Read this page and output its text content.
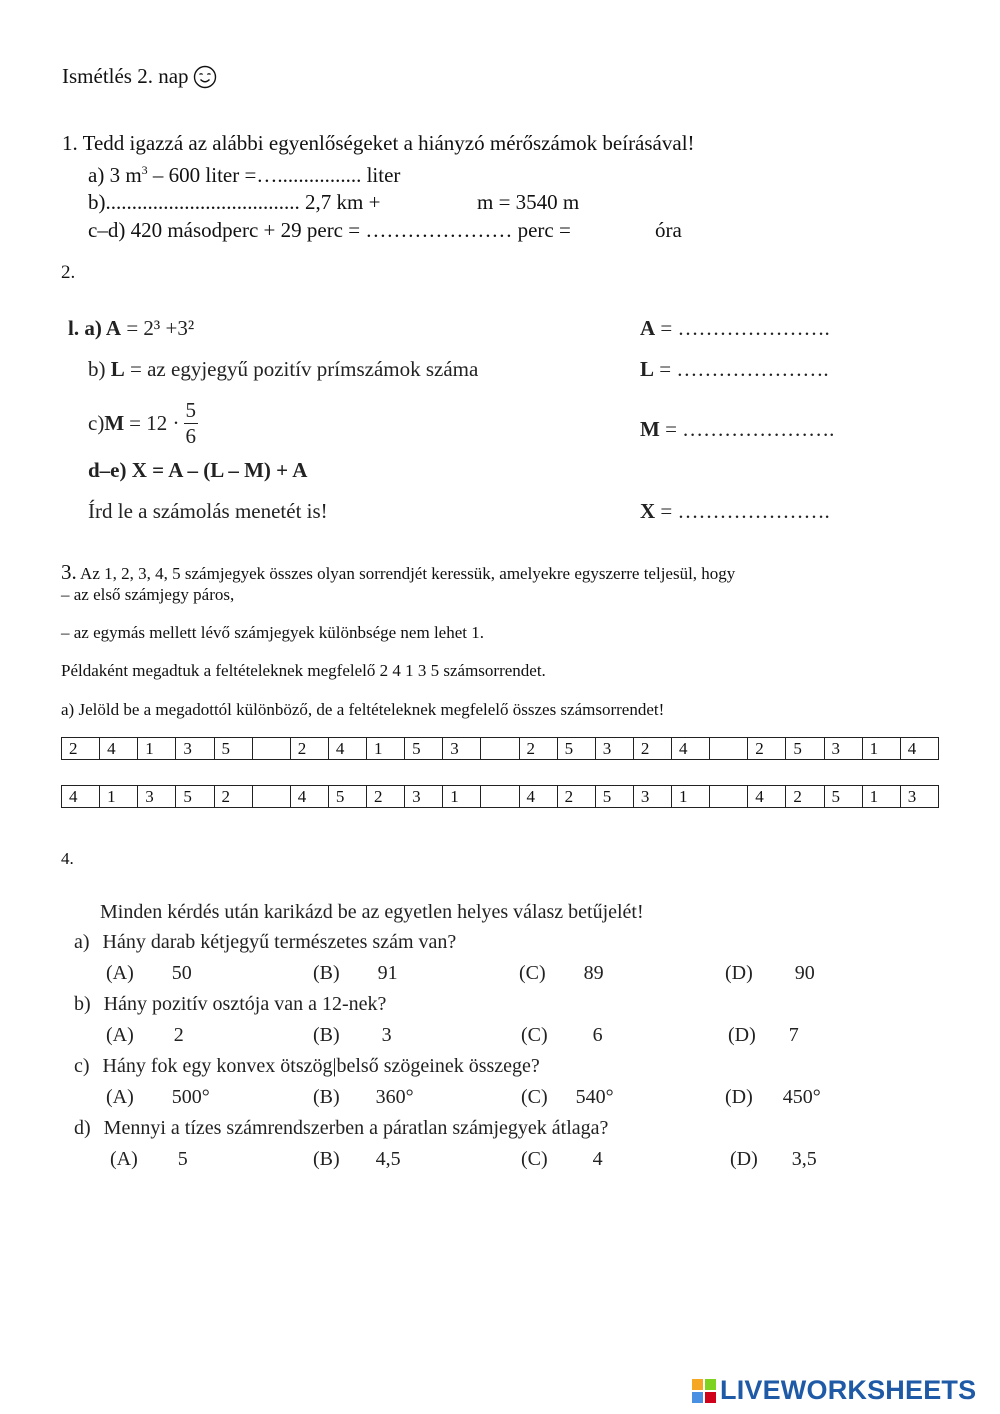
Ismétlés 2. nap
1. Tedd igazzá az alábbi egyenlőségeket a hiányzó mérőszámok beírásával!
a) 3 $m^3 - 600$ liter =…................ liter
b)..................................... 2,7 km +	m = 3540 m
c–d) 420 másodperc + 29 perc = ………………… perc =	óra
2.
l. a) A = 2³ +3²	A = ………………….
b) L = az egyjegyű pozitív prímszámok száma	L = ………………….
c) $M = 12 \cdot \frac{5}{6}$	M = ………………….
d–e) X = A – (L – M) + A
Írd le a számolás menetét is!	X = ………………….
3. Az 1, 2, 3, 4, 5 számjegyek összes olyan sorrendjét keressük, amelyekre egyszerre teljesül, hogy
– az első számjegy páros,
– az egymás mellett lévő számjegyek különbsége nem lehet 1.
Példaként megadtuk a feltételeknek megfelelő 2 4 1 3 5 számsorrendet.
a) Jelöld be a megadottól különböző, de a feltételeknek megfelelő összes számsorrendet!
2	4	1	3	5		2	4	1	5	3		2	5	3	2	4		2	5	3	1	4
4	1	3	5	2		4	5	2	3	1		4	2	5	3	1		4	2	5	1	3
4.
Minden kérdés után karikázd be az egyetlen helyes válasz betűjelét!
a) Hány darab kétjegyű természetes szám van?
(A) 50	(B) 91	(C) 89	(D) 90
b) Hány pozitív osztója van a 12-nek?
(A) 2	(B) 3	(C) 6	(D) 7
c) Hány fok egy konvex ötszög|belső szögeinek összege?
(A) 500°	(B) 360°	(C) 540°	(D) 450°
d) Mennyi a tízes számrendszerben a páratlan számjegyek átlaga?
(A) 5	(B) 4,5	(C) 4	(D) 3,5
LIVEWORKSHEETS
